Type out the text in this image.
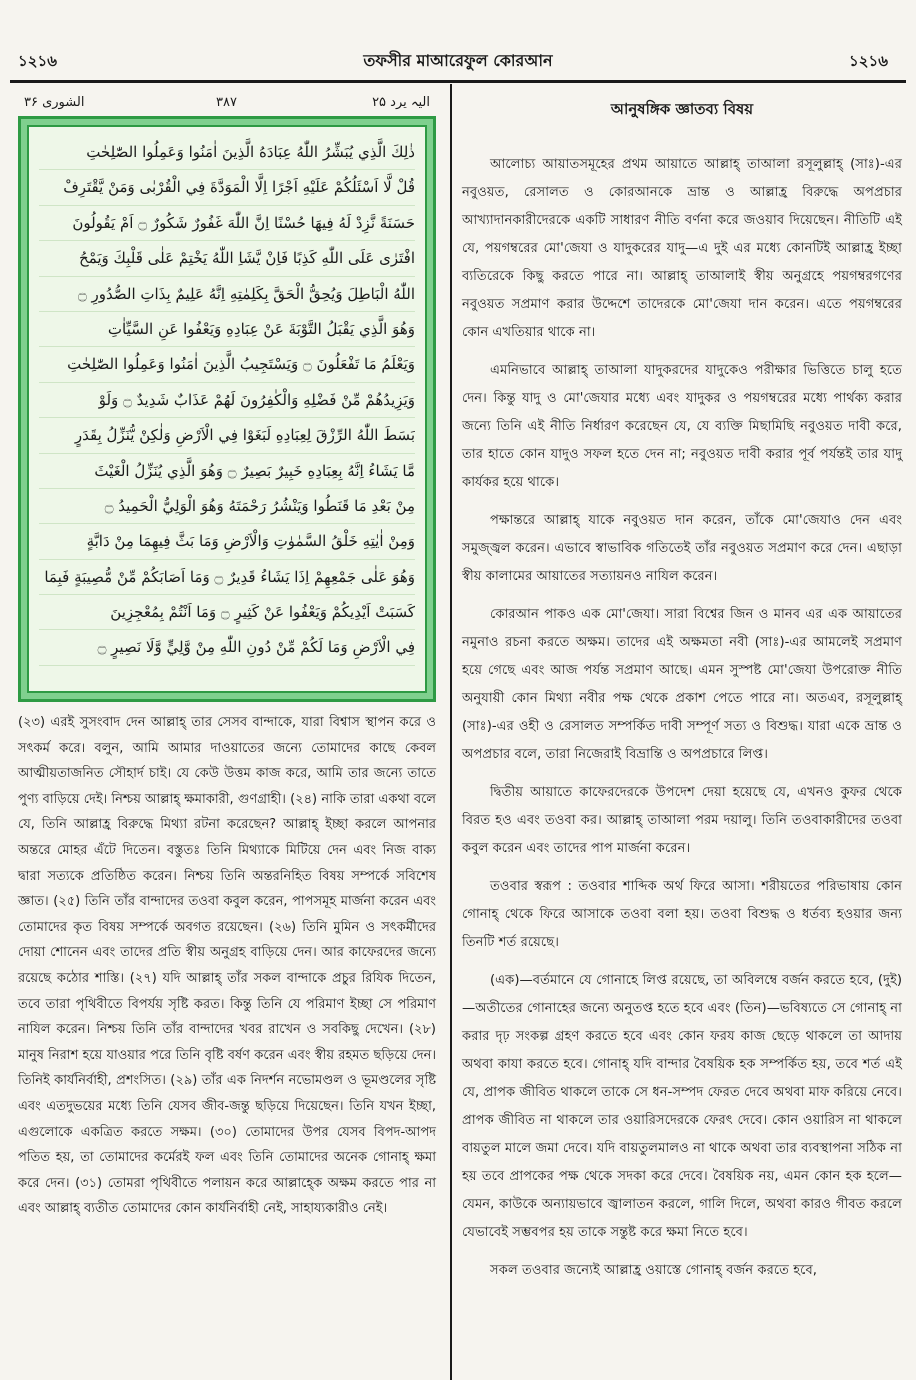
১২১৬	তফসীর মাআরেফুল কোরআন	১২১৬
الشوری ۳۶	۳۸۷	الیہ یرد ۲۵
ذٰلِكَ الَّذِي يُبَشِّرُ اللّٰهُ عِبَادَهُ الَّذِينَ اٰمَنُوا وَعَمِلُوا الصّٰلِحٰتِ
قُلْ لَّا اَسْئَلُكُمْ عَلَيْهِ اَجْرًا اِلَّا الْمَوَدَّةَ فِي الْقُرْبٰى وَمَنْ يَّقْتَرِفْ
حَسَنَةً نَّزِدْ لَهُ فِيهَا حُسْنًا اِنَّ اللّٰهَ غَفُورٌ شَكُورٌ ۝ اَمْ يَقُولُونَ
افْتَرٰى عَلَى اللّٰهِ كَذِبًا فَاِنْ يَّشَاِ اللّٰهُ يَخْتِمْ عَلٰى قَلْبِكَ وَيَمْحُ
اللّٰهُ الْبَاطِلَ وَيُحِقُّ الْحَقَّ بِكَلِمٰتِهِ اِنَّهُ عَلِيمٌ بِذَاتِ الصُّدُورِ ۝
وَهُوَ الَّذِي يَقْبَلُ التَّوْبَةَ عَنْ عِبَادِهِ وَيَعْفُوا عَنِ السَّيِّاٰتِ
وَيَعْلَمُ مَا تَفْعَلُونَ ۝ وَيَسْتَجِيبُ الَّذِينَ اٰمَنُوا وَعَمِلُوا الصّٰلِحٰتِ
وَيَزِيدُهُمْ مِّنْ فَضْلِهِ وَالْكٰفِرُونَ لَهُمْ عَذَابٌ شَدِيدٌ ۝ وَلَوْ
بَسَطَ اللّٰهُ الرِّزْقَ لِعِبَادِهِ لَبَغَوْا فِي الْاَرْضِ وَلٰكِنْ يُّنَزِّلُ بِقَدَرٍ
مَّا يَشَاءُ اِنَّهُ بِعِبَادِهِ خَبِيرٌ بَصِيرٌ ۝ وَهُوَ الَّذِي يُنَزِّلُ الْغَيْثَ
مِنْ بَعْدِ مَا قَنَطُوا وَيَنْشُرُ رَحْمَتَهُ وَهُوَ الْوَلِيُّ الْحَمِيدُ ۝
وَمِنْ اٰيٰتِهِ خَلْقُ السَّمٰوٰتِ وَالْاَرْضِ وَمَا بَثَّ فِيهِمَا مِنْ دَابَّةٍ
وَهُوَ عَلٰى جَمْعِهِمْ اِذَا يَشَاءُ قَدِيرٌ ۝ وَمَا اَصَابَكُمْ مِّنْ مُّصِيبَةٍ فَبِمَا
كَسَبَتْ اَيْدِيكُمْ وَيَعْفُوا عَنْ كَثِيرٍ ۝ وَمَا اَنْتُمْ بِمُعْجِزِينَ
فِي الْاَرْضِ وَمَا لَكُمْ مِّنْ دُونِ اللّٰهِ مِنْ وَّلِيٍّ وَّلَا نَصِيرٍ ۝
(২৩) এরই সুসংবাদ দেন আল্লাহ্ তার সেসব বান্দাকে, যারা বিশ্বাস স্থাপন করে ও সৎকর্ম করে। বলুন, আমি আমার দাওয়াতের জন্যে তোমাদের কাছে কেবল আত্মীয়তাজনিত সৌহার্দ চাই। যে কেউ উত্তম কাজ করে, আমি তার জন্যে তাতে পুণ্য বাড়িয়ে দেই। নিশ্চয় আল্লাহ্ ক্ষমাকারী, গুণগ্রাহী। (২৪) নাকি তারা একথা বলে যে, তিনি আল্লাহ্র বিরুদ্ধে মিথ্যা রটনা করেছেন? আল্লাহ্ ইচ্ছা করলে আপনার অন্তরে মোহর এঁটে দিতেন। বস্তুতঃ তিনি মিথ্যাকে মিটিয়ে দেন এবং নিজ বাক্য দ্বারা সত্যকে প্রতিষ্ঠিত করেন। নিশ্চয় তিনি অন্তরনিহিত বিষয় সম্পর্কে সবিশেষ জ্ঞাত। (২৫) তিনি তাঁর বান্দাদের তওবা কবুল করেন, পাপসমূহ মার্জনা করেন এবং তোমাদের কৃত বিষয় সম্পর্কে অবগত রয়েছেন। (২৬) তিনি মুমিন ও সৎকর্মীদের দোয়া শোনেন এবং তাদের প্রতি স্বীয় অনুগ্রহ বাড়িয়ে দেন। আর কাফেরদের জন্যে রয়েছে কঠোর শাস্তি। (২৭) যদি আল্লাহ্ তাঁর সকল বান্দাকে প্রচুর রিযিক দিতেন, তবে তারা পৃথিবীতে বিপর্যয় সৃষ্টি করত। কিন্তু তিনি যে পরিমাণ ইচ্ছা সে পরিমাণ নাযিল করেন। নিশ্চয় তিনি তাঁর বান্দাদের খবর রাখেন ও সবকিছু দেখেন। (২৮) মানুষ নিরাশ হয়ে যাওয়ার পরে তিনি বৃষ্টি বর্ষণ করেন এবং স্বীয় রহমত ছড়িয়ে দেন। তিনিই কার্যনির্বাহী, প্রশংসিত। (২৯) তাঁর এক নিদর্শন নভোমণ্ডল ও ভূমণ্ডলের সৃষ্টি এবং এতদুভয়ের মধ্যে তিনি যেসব জীব-জন্তু ছড়িয়ে দিয়েছেন। তিনি যখন ইচ্ছা, এগুলোকে একত্রিত করতে সক্ষম। (৩০) তোমাদের উপর যেসব বিপদ-আপদ পতিত হয়, তা তোমাদের কর্মেরই ফল এবং তিনি তোমাদের অনেক গোনাহ্ ক্ষমা করে দেন। (৩১) তোমরা পৃথিবীতে পলায়ন করে আল্লাহ্কে অক্ষম করতে পার না এবং আল্লাহ্ ব্যতীত তোমাদের কোন কার্যনির্বাহী নেই, সাহায্যকারীও নেই।
আনুষঙ্গিক জ্ঞাতব্য বিষয়

আলোচ্য আয়াতসমূহের প্রথম আয়াতে আল্লাহ্ তাআলা রসূলুল্লাহ্ (সাঃ)-এর নবুওয়ত, রেসালত ও কোরআনকে ভ্রান্ত ও আল্লাহ্র বিরুদ্ধে অপপ্রচার আখ্যাদানকারীদেরকে একটি সাধারণ নীতি বর্ণনা করে জওয়াব দিয়েছেন। নীতিটি এই যে, পয়গম্বরের মো'জেযা ও যাদুকরের যাদু—এ দুই এর মধ্যে কোনটিই আল্লাহ্র ইচ্ছা ব্যতিরেকে কিছু করতে পারে না। আল্লাহ্ তাআলাই স্বীয় অনুগ্রহে পয়গম্বরগণের নবুওয়ত সপ্রমাণ করার উদ্দেশে তাদেরকে মো'জেযা দান করেন। এতে পয়গম্বরের কোন এখতিয়ার থাকে না।

এমনিভাবে আল্লাহ্ তাআলা যাদুকরদের যাদুকেও পরীক্ষার ভিত্তিতে চালু হতে দেন। কিন্তু যাদু ও মো'জেযার মধ্যে এবং যাদুকর ও পয়গম্বরের মধ্যে পার্থক্য করার জন্যে তিনি এই নীতি নির্ধারণ করেছেন যে, যে ব্যক্তি মিছামিছি নবুওয়ত দাবী করে, তার হাতে কোন যাদুও সফল হতে দেন না; নবুওয়ত দাবী করার পূর্ব পর্যন্তই তার যাদু কার্যকর হয়ে থাকে।

পক্ষান্তরে আল্লাহ্ যাকে নবুওয়ত দান করেন, তাঁকে মো'জেযাও দেন এবং সমুজ্জ্বল করেন। এভাবে স্বাভাবিক গতিতেই তাঁর নবুওয়ত সপ্রমাণ করে দেন। এছাড়া স্বীয় কালামের আয়াতের সত্যায়নও নাযিল করেন।

কোরআন পাকও এক মো'জেযা। সারা বিশ্বের জিন ও মানব এর এক আয়াতের নমুনাও রচনা করতে অক্ষম। তাদের এই অক্ষমতা নবী (সাঃ)-এর আমলেই সপ্রমাণ হয়ে গেছে এবং আজ পর্যন্ত সপ্রমাণ আছে। এমন সুস্পষ্ট মো'জেযা উপরোক্ত নীতি অনুযায়ী কোন মিথ্যা নবীর পক্ষ থেকে প্রকাশ পেতে পারে না। অতএব, রসূলুল্লাহ্ (সাঃ)-এর ওহী ও রেসালত সম্পর্কিত দাবী সম্পূর্ণ সত্য ও বিশুদ্ধ। যারা একে ভ্রান্ত ও অপপ্রচার বলে, তারা নিজেরাই বিভ্রান্তি ও অপপ্রচারে লিপ্ত।

দ্বিতীয় আয়াতে কাফেরদেরকে উপদেশ দেয়া হয়েছে যে, এখনও কুফর থেকে বিরত হও এবং তওবা কর। আল্লাহ্ তাআলা পরম দয়ালু। তিনি তওবাকারীদের তওবা কবুল করেন এবং তাদের পাপ মার্জনা করেন।

তওবার স্বরূপ : তওবার শাব্দিক অর্থ ফিরে আসা। শরীয়তের পরিভাষায় কোন গোনাহ্ থেকে ফিরে আসাকে তওবা বলা হয়। তওবা বিশুদ্ধ ও ধর্তব্য হওয়ার জন্য তিনটি শর্ত রয়েছে।

(এক)—বর্তমানে যে গোনাহে লিপ্ত রয়েছে, তা অবিলম্বে বর্জন করতে হবে, (দুই)—অতীতের গোনাহের জন্যে অনুতপ্ত হতে হবে এবং (তিন)—ভবিষ্যতে সে গোনাহ্ না করার দৃঢ় সংকল্প গ্রহণ করতে হবে এবং কোন ফরয কাজ ছেড়ে থাকলে তা আদায় অথবা কাযা করতে হবে। গোনাহ্ যদি বান্দার বৈষয়িক হক সম্পর্কিত হয়, তবে শর্ত এই যে, প্রাপক জীবিত থাকলে তাকে সে ধন-সম্পদ ফেরত দেবে অথবা মাফ করিয়ে নেবে। প্রাপক জীবিত না থাকলে তার ওয়ারিসদেরকে ফেরৎ দেবে। কোন ওয়ারিস না থাকলে বায়তুল মালে জমা দেবে। যদি বায়তুলমালও না থাকে অথবা তার ব্যবস্থাপনা সঠিক না হয় তবে প্রাপকের পক্ষ থেকে সদকা করে দেবে। বৈষয়িক নয়, এমন কোন হক হলে—যেমন, কাউকে অন্যায়ভাবে জ্বালাতন করলে, গালি দিলে, অথবা কারও গীবত করলে যেভাবেই সম্ভবপর হয় তাকে সন্তুষ্ট করে ক্ষমা নিতে হবে।

সকল তওবার জন্যেই আল্লাহ্র ওয়াস্তে গোনাহ্ বর্জন করতে হবে,
